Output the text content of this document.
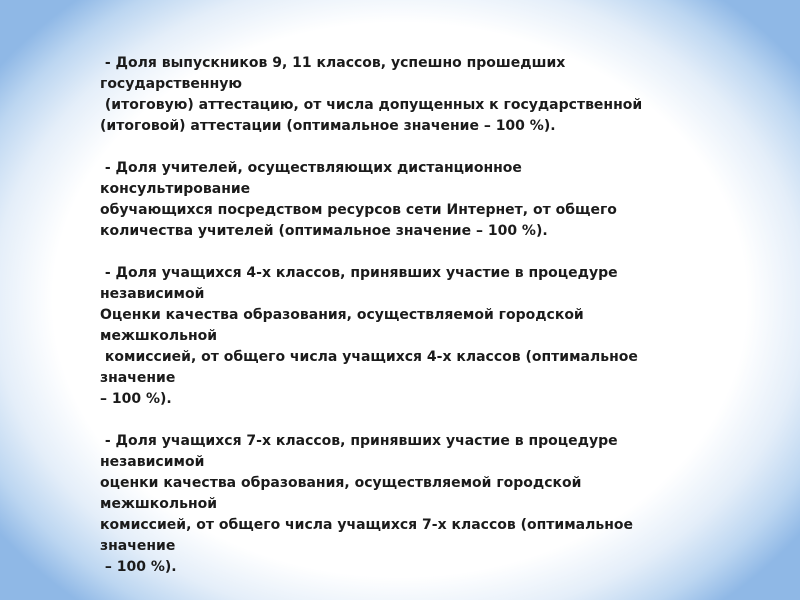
- Доля выпускников 9, 11 классов, успешно прошедших
государственную
(итоговую) аттестацию, от числа допущенных к государственной
(итоговой) аттестации (оптимальное значение – 100 %).
- Доля учителей, осуществляющих дистанционное
консультирование
обучающихся посредством ресурсов сети Интернет, от общего
количества учителей (оптимальное значение – 100 %).
- Доля учащихся 4-х классов, принявших участие в процедуре
независимой
Оценки качества образования, осуществляемой городской
межшкольной
комиссией, от общего числа учащихся 4-х классов (оптимальное
значение
– 100 %).
- Доля учащихся 7-х классов, принявших участие в процедуре
независимой
оценки качества образования, осуществляемой городской
межшкольной
комиссией, от общего числа учащихся 7-х классов (оптимальное
значение
– 100 %).
